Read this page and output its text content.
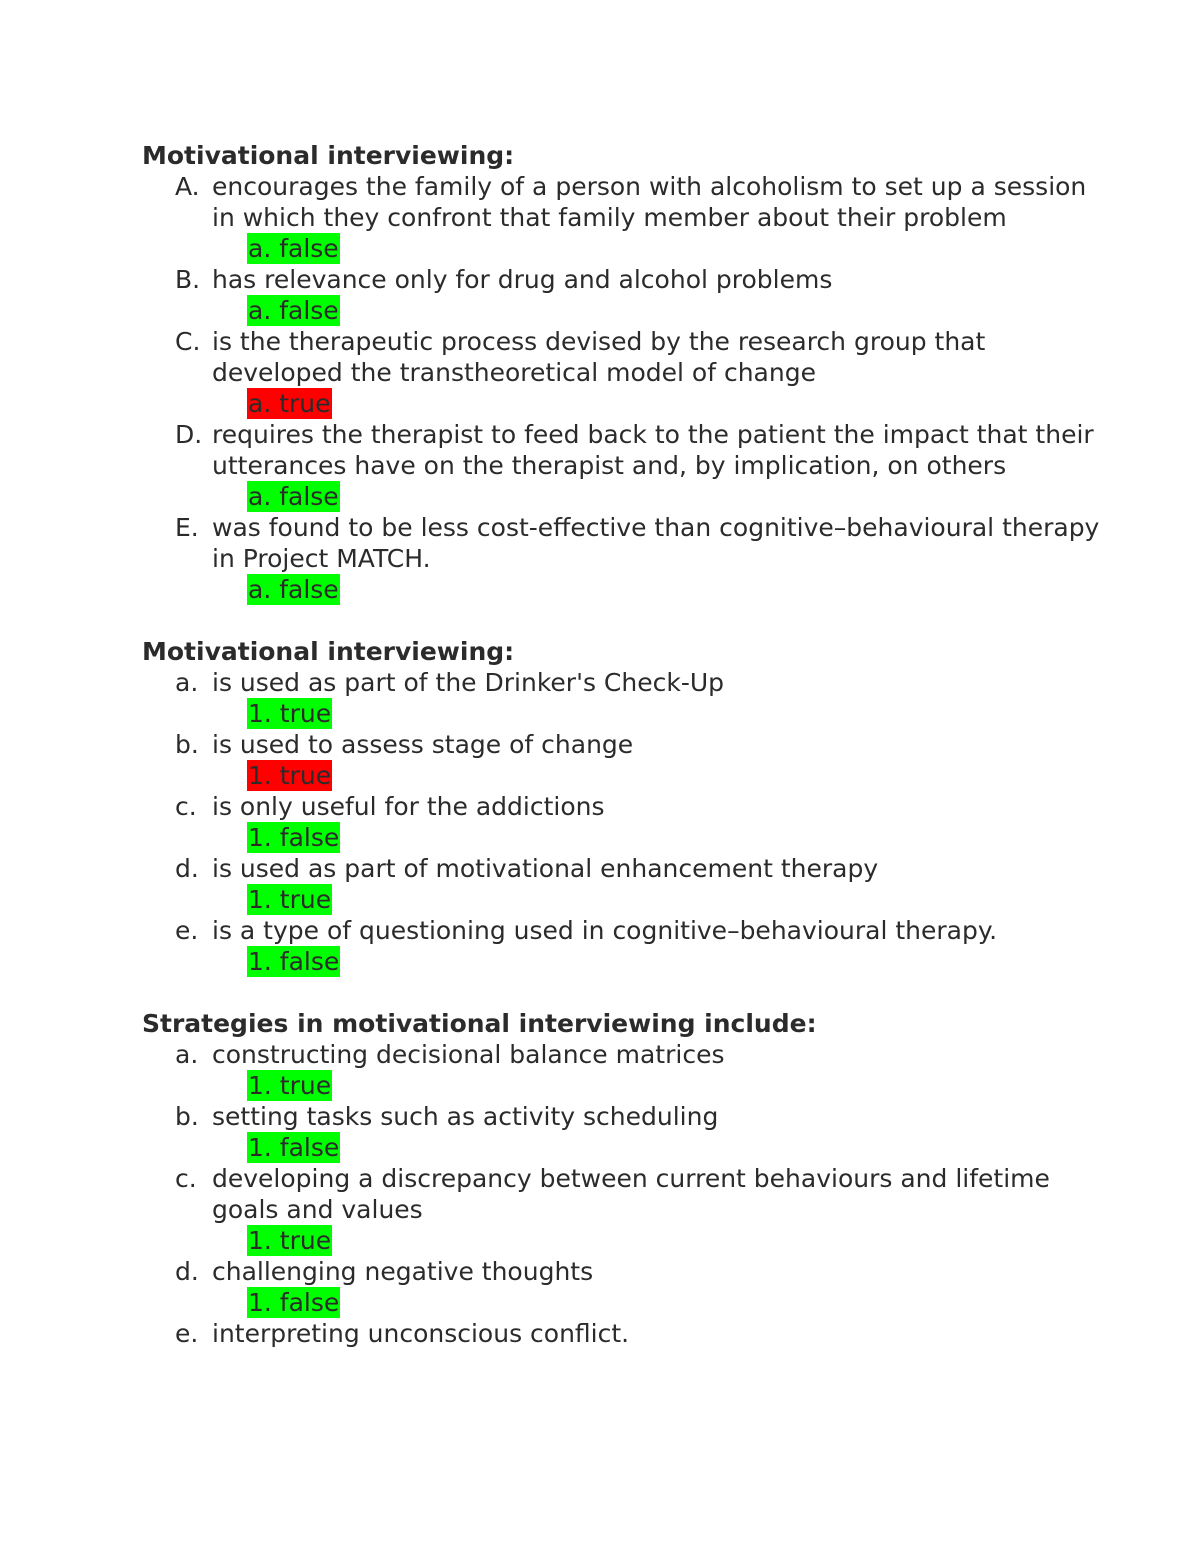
Motivational interviewing:
A. encourages the family of a person with alcoholism to set up a session in which they confront that family member about their problem
a. false
B. has relevance only for drug and alcohol problems
a. false
C. is the therapeutic process devised by the research group that developed the transtheoretical model of change
a. true
D. requires the therapist to feed back to the patient the impact that their utterances have on the therapist and, by implication, on others
a. false
E. was found to be less cost-effective than cognitive–behavioural therapy in Project MATCH.
a. false
Motivational interviewing:
a. is used as part of the Drinker's Check-Up
1. true
b. is used to assess stage of change
1. true
c. is only useful for the addictions
1. false
d. is used as part of motivational enhancement therapy
1. true
e. is a type of questioning used in cognitive–behavioural therapy.
1. false
Strategies in motivational interviewing include:
a. constructing decisional balance matrices
1. true
b. setting tasks such as activity scheduling
1. false
c. developing a discrepancy between current behaviours and lifetime goals and values
1. true
d. challenging negative thoughts
1. false
e. interpreting unconscious conflict.
